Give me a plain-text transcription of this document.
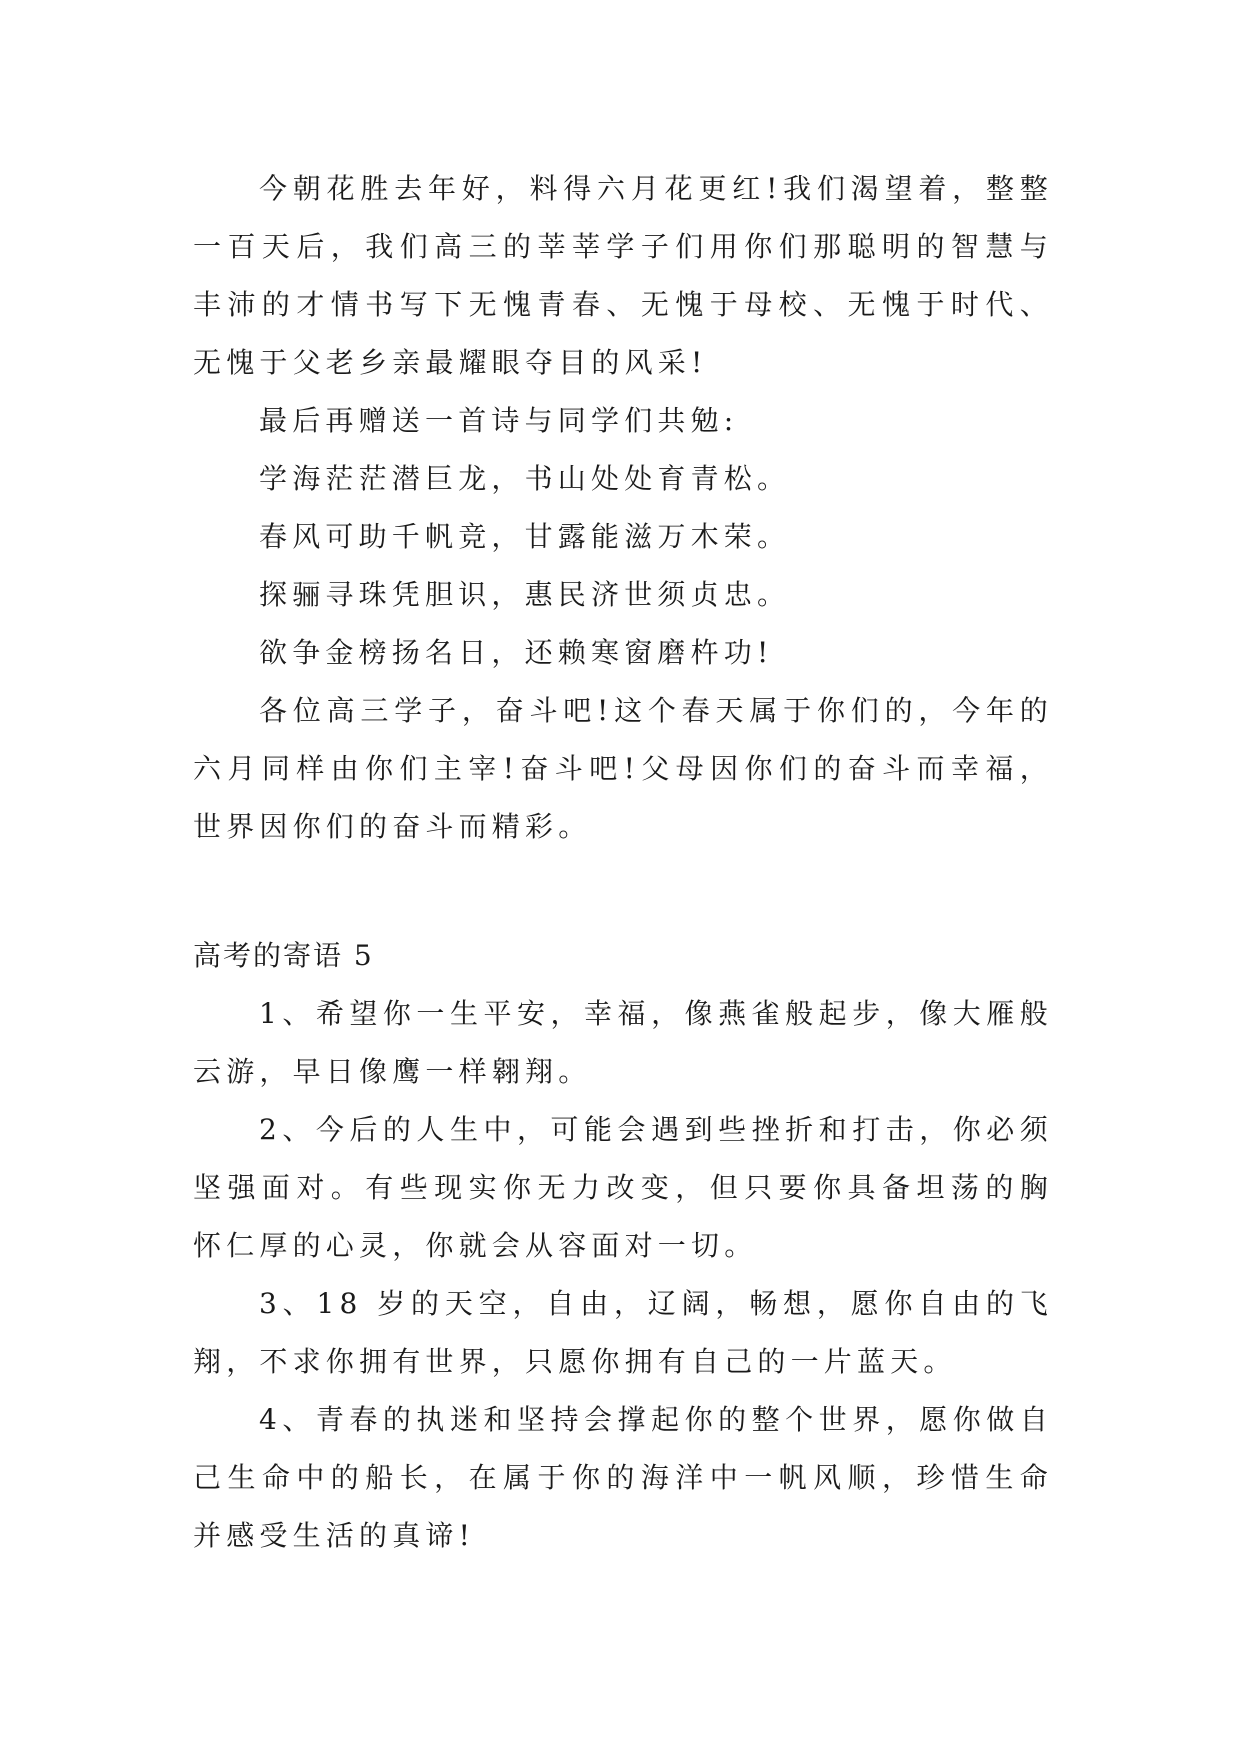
今朝花胜去年好，料得六月花更红!我们渴望着，整整一百天后，我们高三的莘莘学子们用你们那聪明的智慧与丰沛的才情书写下无愧青春、无愧于母校、无愧于时代、无愧于父老乡亲最耀眼夺目的风采!

最后再赠送一首诗与同学们共勉:

学海茫茫潜巨龙，书山处处育青松。

春风可助千帆竞，甘露能滋万木荣。

探骊寻珠凭胆识，惠民济世须贞忠。

欲争金榜扬名日，还赖寒窗磨杵功!

各位高三学子，奋斗吧!这个春天属于你们的，今年的六月同样由你们主宰!奋斗吧!父母因你们的奋斗而幸福，世界因你们的奋斗而精彩。

高考的寄语 5

1、希望你一生平安，幸福，像燕雀般起步，像大雁般云游，早日像鹰一样翱翔。

2、今后的人生中，可能会遇到些挫折和打击，你必须坚强面对。有些现实你无力改变，但只要你具备坦荡的胸怀仁厚的心灵，你就会从容面对一切。

3、18 岁的天空，自由，辽阔，畅想，愿你自由的飞翔，不求你拥有世界，只愿你拥有自己的一片蓝天。

4、青春的执迷和坚持会撑起你的整个世界，愿你做自己生命中的船长，在属于你的海洋中一帆风顺，珍惜生命并感受生活的真谛!
